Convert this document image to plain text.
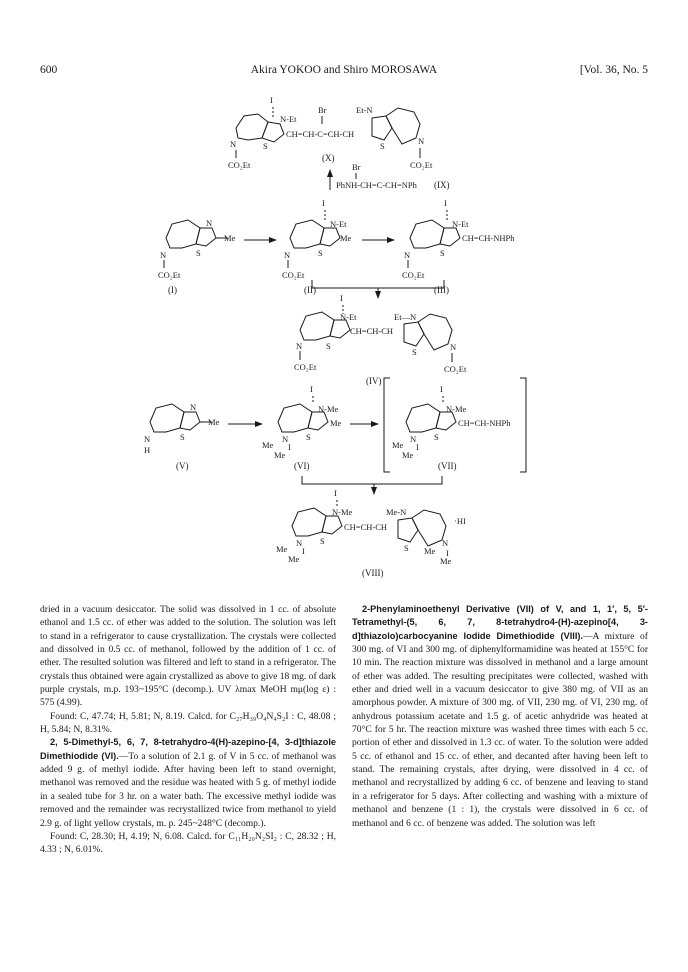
600	Akira YOKOO and Shiro MOROSAWA	[Vol. 36, No. 5
I
N-Et
S
N
CO₂Et
Br
CH=CH-C=CH-CH
Et-N
S	N
CO₂Et
(X)
Br
PhNH-CH=C-CH=NPh (IX)
N
S
Me
N
CO₂Et
(I)
I
N-Et
S
Me
N
CO₂Et
(II)
I
N-Et
S
CH=CH-NHPh
N
CO₂Et
(III)
I
N-Et
S
N
CO₂Et
CH=CH-CH
Et—N
S	N
CO₂Et
(IV)
N
S
Me
N
H
(V)
I
N-Me
S
Me
N
Me I
Me
(VI)
I
N-Me
S
CH=CH-NHPh
N
Me I
Me
(VII)
I
N-Me
S
N
Me I
Me
CH=CH-CH
Me-N
S	N
·HI
Me I
Me
(VIII)

dried in a vacuum desiccator. The solid was dissolved in 1 cc. of absolute ethanol and 1.5 cc. of ether was added to the solution. The solution was left to stand in a refrigerator to cause crystallization. The crystals were collected and dissolved in 0.5 cc. of methanol, followed by the addition of 1 cc. of ether. The resulted solution was filtered and left to stand in a refrigerator. The crystals thus obtained were again crystallized as above to give 18 mg. of dark purple crystals, m.p. 193~195°C (decomp.). UV λmax MeOH mμ(log ε) : 575 (4.99).

Found: C, 47.74; H, 5.81; N, 8.19. Calcd. for C₂₇H₃₉O₄N₄S₂I : C, 48.08 ; H, 5.84; N, 8.31%.

2, 5-Dimethyl-5, 6, 7, 8-tetrahydro-4(H)-azepino-[4, 3-d]thiazole Dimethiodide (VI).—To a solution of 2.1 g. of V in 5 cc. of methanol was added 9 g. of methyl iodide. After having been left to stand overnight, methanol was removed and the residue was heated with 5 g. of methyl iodide in a sealed tube for 3 hr. on a water bath. The excessive methyl iodide was removed and the remainder was recrystallized twice from methanol to yield 2.9 g. of light yellow crystals, m. p. 245~248°C (decomp.).

Found: C, 28.30; H, 4.19; N, 6.08. Calcd. for C₁₁H₂₀N₂SI₂ : C, 28.32 ; H, 4.33 ; N, 6.01%.

2-Phenylaminoethenyl Derivative (VII) of V, and 1, 1′, 5, 5′-Tetramethyl-(5, 6, 7, 8-tetrahydro4-(H)-azepino[4, 3-d]thiazolo)carbocyanine Iodide Dimethiodide (VIII).—A mixture of 300 mg. of VI and 300 mg. of diphenylformamidine was heated at 155°C for 10 min. The reaction mixture was dissolved in methanol and a large amount of ether was added. The resulting precipitates were collected, washed with ether and dried well in a vacuum desiccator to give 380 mg. of VII as an amorphous powder. A mixture of 300 mg. of VII, 230 mg. of VI, 230 mg. of anhydrous potassium acetate and 1.5 g. of acetic anhydride was heated at 70°C for 5 hr. The reaction mixture was washed three times with each 5 cc. portion of ether and dissolved in 1.3 cc. of water. To the solution were added 5 cc. of ethanol and 15 cc. of ether, and decanted after having been left to stand. The remaining crystals, after drying, were dissolved in 4 cc. of methanol and recrystallized by adding 6 cc. of benzene and leaving to stand in a refrigerator for 5 days. After collecting and washing with a mixture of methanol and benzene (1 : 1), the crystals were dissolved in 6 cc. of methanol and 6 cc. of benzene was added. The solution was left
